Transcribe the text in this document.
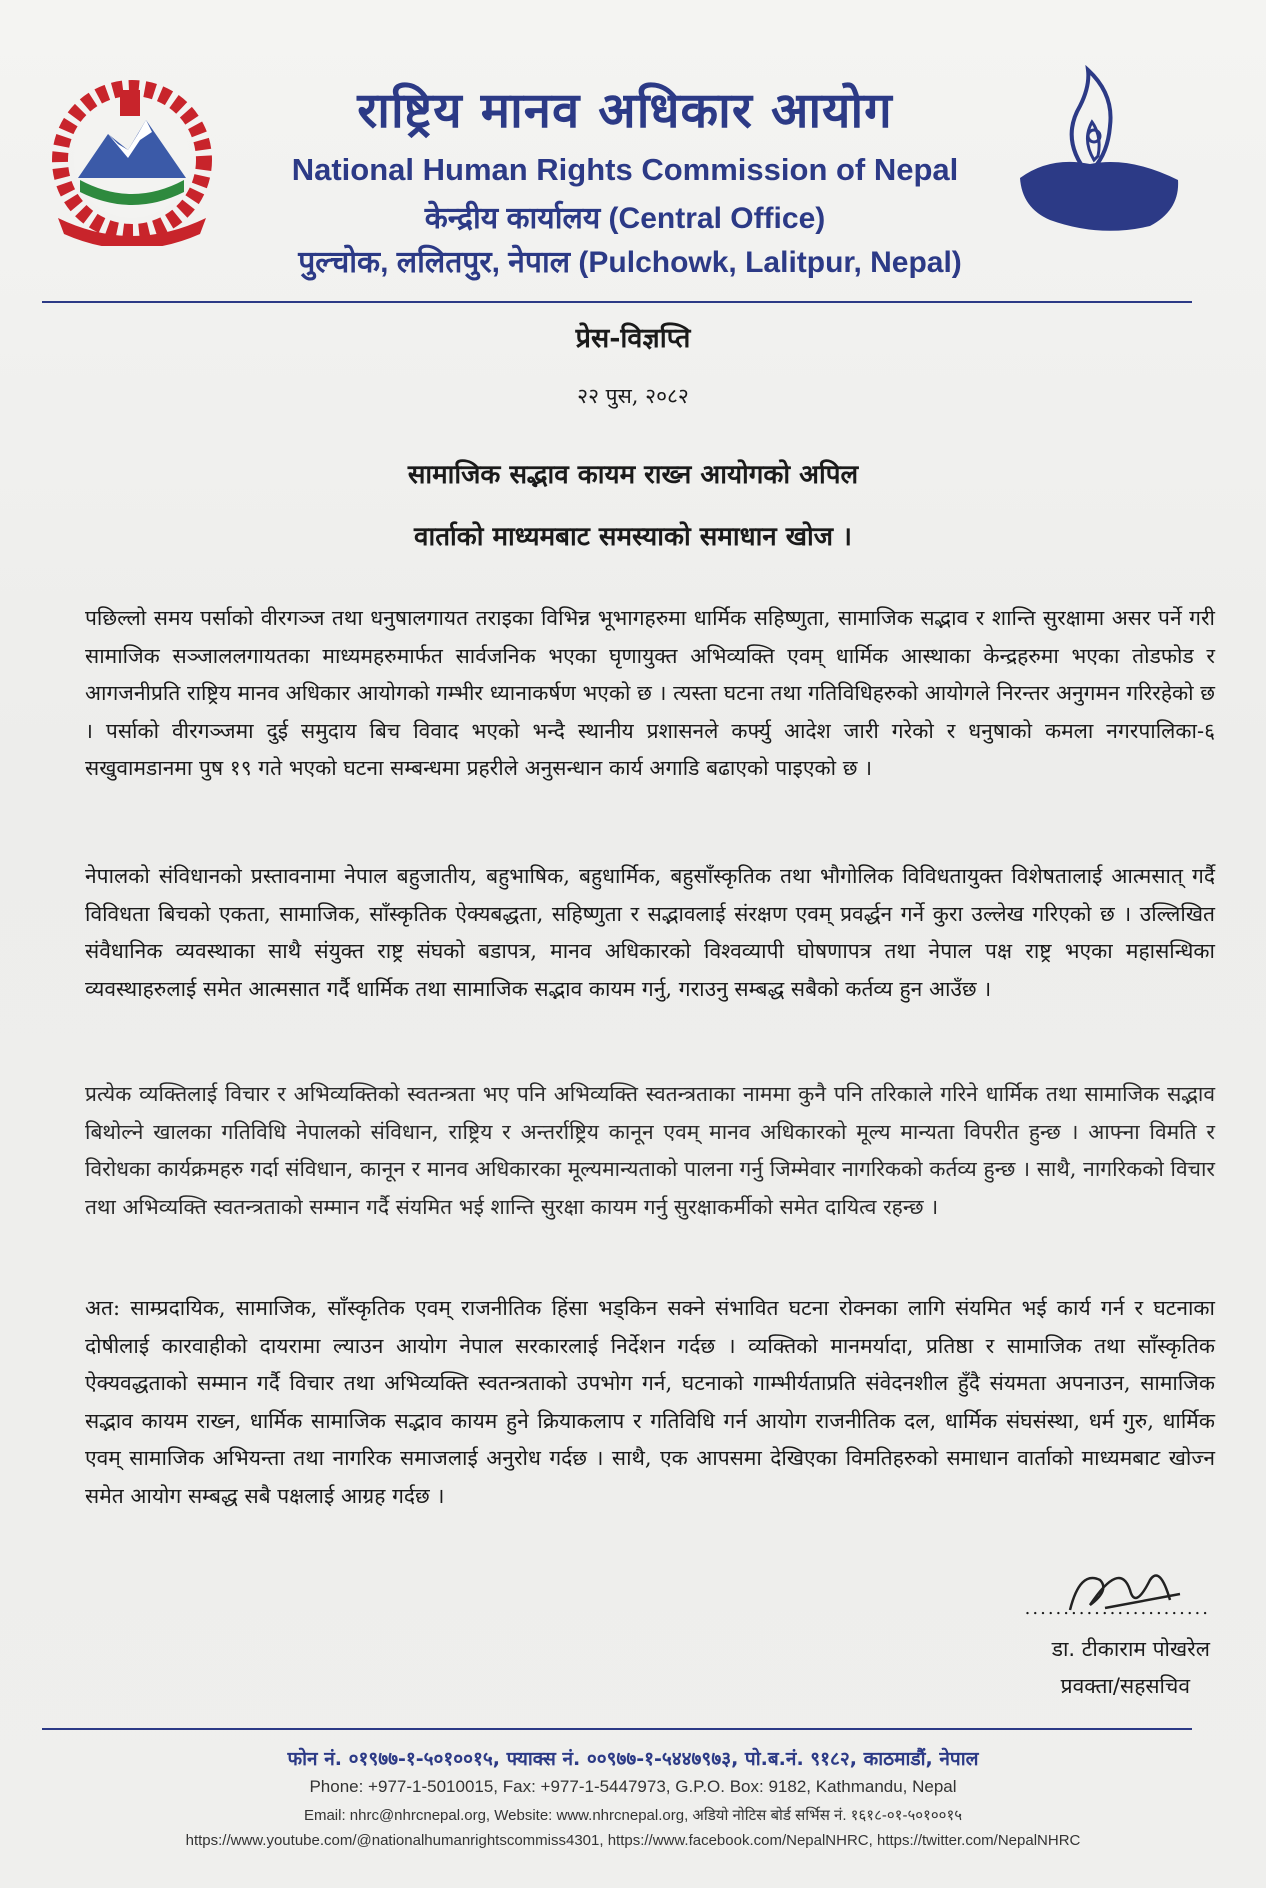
राष्ट्रिय मानव अधिकार आयोग
National Human Rights Commission of Nepal
केन्द्रीय कार्यालय (Central Office)
पुल्चोक, ललितपुर, नेपाल (Pulchowk, Lalitpur, Nepal)
प्रेस-विज्ञप्ति
२२ पुस, २०८२
सामाजिक सद्भाव कायम राख्न आयोगको अपिल
वार्ताको माध्यमबाट समस्याको समाधान खोज ।

पछिल्लो समय पर्साको वीरगञ्ज तथा धनुषालगायत तराइका विभिन्न भूभागहरुमा धार्मिक सहिष्णुता, सामाजिक सद्भाव र शान्ति सुरक्षामा असर पर्ने गरी सामाजिक सञ्जाललगायतका माध्यमहरुमार्फत सार्वजनिक भएका घृणायुक्त अभिव्यक्ति एवम् धार्मिक आस्थाका केन्द्रहरुमा भएका तोडफोड र आगजनीप्रति राष्ट्रिय मानव अधिकार आयोगको गम्भीर ध्यानाकर्षण भएको छ । त्यस्ता घटना तथा गतिविधिहरुको आयोगले निरन्तर अनुगमन गरिरहेको छ । पर्साको वीरगञ्जमा दुई समुदाय बिच विवाद भएको भन्दै स्थानीय प्रशासनले कर्फ्यु आदेश जारी गरेको र धनुषाको कमला नगरपालिका-६ सखुवामडानमा पुष १९ गते भएको घटना सम्बन्धमा प्रहरीले अनुसन्धान कार्य अगाडि बढाएको पाइएको छ ।

नेपालको संविधानको प्रस्तावनामा नेपाल बहुजातीय, बहुभाषिक, बहुधार्मिक, बहुसाँस्कृतिक तथा भौगोलिक विविधतायुक्त विशेषतालाई आत्मसात् गर्दै विविधता बिचको एकता, सामाजिक, साँस्कृतिक ऐक्यबद्धता, सहिष्णुता र सद्भावलाई संरक्षण एवम् प्रवर्द्धन गर्ने कुरा उल्लेख गरिएको छ । उल्लिखित संवैधानिक व्यवस्थाका साथै संयुक्त राष्ट्र संघको बडापत्र, मानव अधिकारको विश्वव्यापी घोषणापत्र तथा नेपाल पक्ष राष्ट्र भएका महासन्धिका व्यवस्थाहरुलाई समेत आत्मसात गर्दै धार्मिक तथा सामाजिक सद्भाव कायम गर्नु, गराउनु सम्बद्ध सबैको कर्तव्य हुन आउँछ ।

प्रत्येक व्यक्तिलाई विचार र अभिव्यक्तिको स्वतन्त्रता भए पनि अभिव्यक्ति स्वतन्त्रताका नाममा कुनै पनि तरिकाले गरिने धार्मिक तथा सामाजिक सद्भाव बिथोल्ने खालका गतिविधि नेपालको संविधान, राष्ट्रिय र अन्तर्राष्ट्रिय कानून एवम् मानव अधिकारको मूल्य मान्यता विपरीत हुन्छ । आफ्ना विमति र विरोधका कार्यक्रमहरु गर्दा संविधान, कानून र मानव अधिकारका मूल्यमान्यताको पालना गर्नु जिम्मेवार नागरिकको कर्तव्य हुन्छ । साथै, नागरिकको विचार तथा अभिव्यक्ति स्वतन्त्रताको सम्मान गर्दै संयमित भई शान्ति सुरक्षा कायम गर्नु सुरक्षाकर्मीको समेत दायित्व रहन्छ ।

अत: साम्प्रदायिक, सामाजिक, साँस्कृतिक एवम् राजनीतिक हिंसा भड्किन सक्ने संभावित घटना रोक्नका लागि संयमित भई कार्य गर्न र घटनाका दोषीलाई कारवाहीको दायरामा ल्याउन आयोग नेपाल सरकारलाई निर्देशन गर्दछ । व्यक्तिको मानमर्यादा, प्रतिष्ठा र सामाजिक तथा साँस्कृतिक ऐक्यवद्धताको सम्मान गर्दै विचार तथा अभिव्यक्ति स्वतन्त्रताको उपभोग गर्न, घटनाको गाम्भीर्यताप्रति संवेदनशील हुँदै संयमता अपनाउन, सामाजिक सद्भाव कायम राख्न, धार्मिक सामाजिक सद्भाव कायम हुने क्रियाकलाप र गतिविधि गर्न आयोग राजनीतिक दल, धार्मिक संघसंस्था, धर्म गुरु, धार्मिक एवम् सामाजिक अभियन्ता तथा नागरिक समाजलाई अनुरोध गर्दछ । साथै, एक आपसमा देखिएका विमतिहरुको समाधान वार्ताको माध्यमबाट खोज्न समेत आयोग सम्बद्ध सबै पक्षलाई आग्रह गर्दछ ।

........................
डा. टीकाराम पोखरेल
प्रवक्ता/सहसचिव
फोन नं. ०१९७७-१-५०१००१५, फ्याक्स नं. ००९७७-१-५४४७९७३, पो.ब.नं. ९१८२, काठमाडौं, नेपाल
Phone: +977-1-5010015, Fax: +977-1-5447973, G.P.O. Box: 9182, Kathmandu, Nepal
Email: nhrc@nhrcnepal.org, Website: www.nhrcnepal.org, अडियो नोटिस बोर्ड सर्भिस नं. १६१८-०१-५०१००१५
https://www.youtube.com/@nationalhumanrightscommiss4301, https://www.facebook.com/NepalNHRC, https://twitter.com/NepalNHRC
